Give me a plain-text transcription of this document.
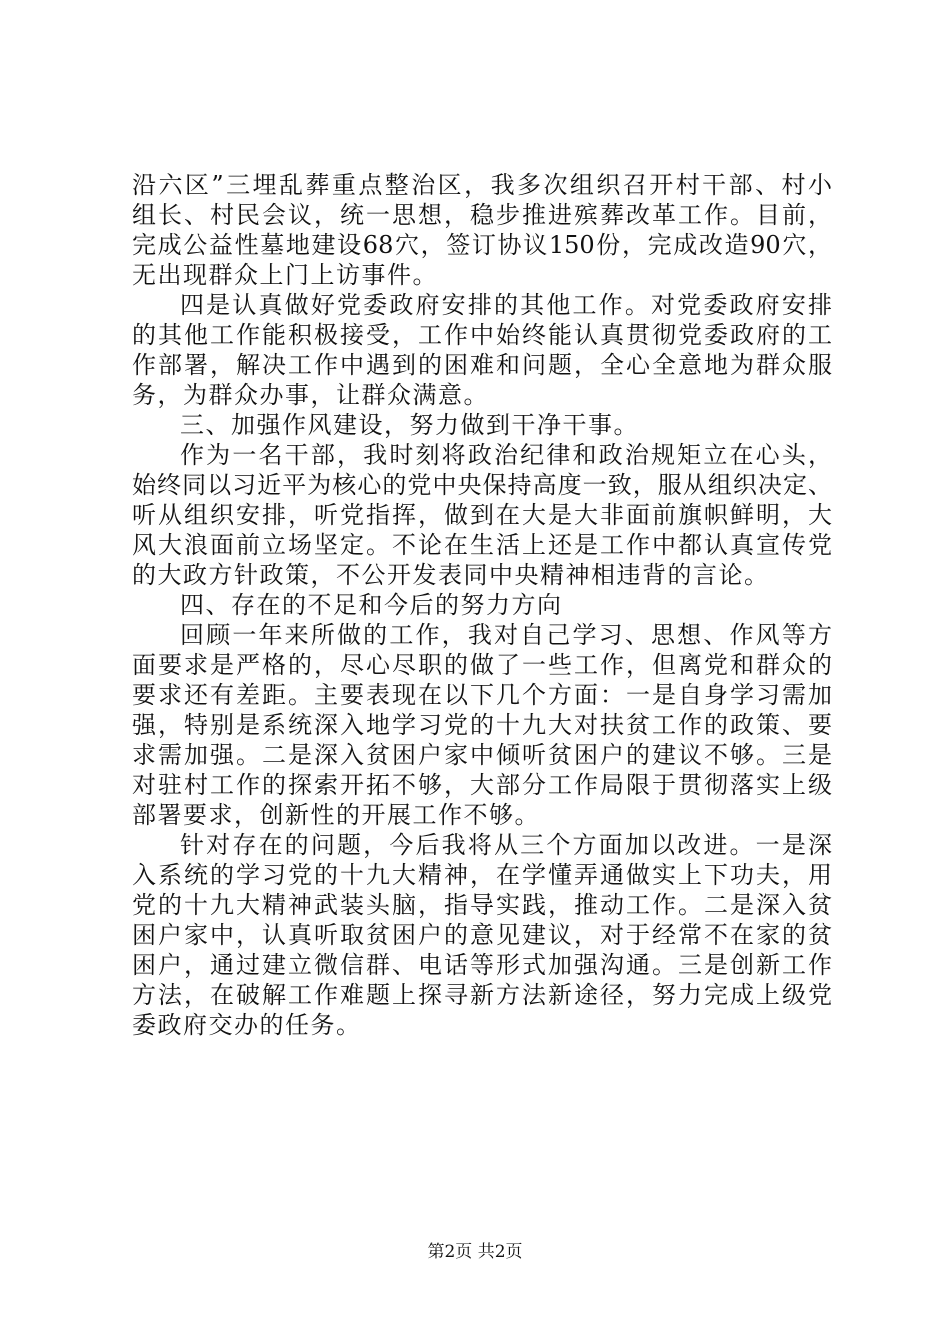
沿六区”三埋乱葬重点整治区，我多次组织召开村干部、村小
组长、村民会议，统一思想，稳步推进殡葬改革工作。目前，
完成公益性墓地建设68穴，签订协议150份，完成改造90穴，
无出现群众上门上访事件。
四是认真做好党委政府安排的其他工作。对党委政府安排
的其他工作能积极接受，工作中始终能认真贯彻党委政府的工
作部署，解决工作中遇到的困难和问题，全心全意地为群众服
务，为群众办事，让群众满意。
三、加强作风建设，努力做到干净干事。
作为一名干部，我时刻将政治纪律和政治规矩立在心头，
始终同以习近平为核心的党中央保持高度一致，服从组织决定、
听从组织安排，听党指挥，做到在大是大非面前旗帜鲜明，大
风大浪面前立场坚定。不论在生活上还是工作中都认真宣传党
的大政方针政策，不公开发表同中央精神相违背的言论。
四、存在的不足和今后的努力方向
回顾一年来所做的工作，我对自己学习、思想、作风等方
面要求是严格的，尽心尽职的做了一些工作，但离党和群众的
要求还有差距。主要表现在以下几个方面：一是自身学习需加
强，特别是系统深入地学习党的十九大对扶贫工作的政策、要
求需加强。二是深入贫困户家中倾听贫困户的建议不够。三是
对驻村工作的探索开拓不够，大部分工作局限于贯彻落实上级
部署要求，创新性的开展工作不够。
针对存在的问题，今后我将从三个方面加以改进。一是深
入系统的学习党的十九大精神，在学懂弄通做实上下功夫，用
党的十九大精神武装头脑，指导实践，推动工作。二是深入贫
困户家中，认真听取贫困户的意见建议，对于经常不在家的贫
困户，通过建立微信群、电话等形式加强沟通。三是创新工作
方法，在破解工作难题上探寻新方法新途径，努力完成上级党
委政府交办的任务。
第2页 共2页
